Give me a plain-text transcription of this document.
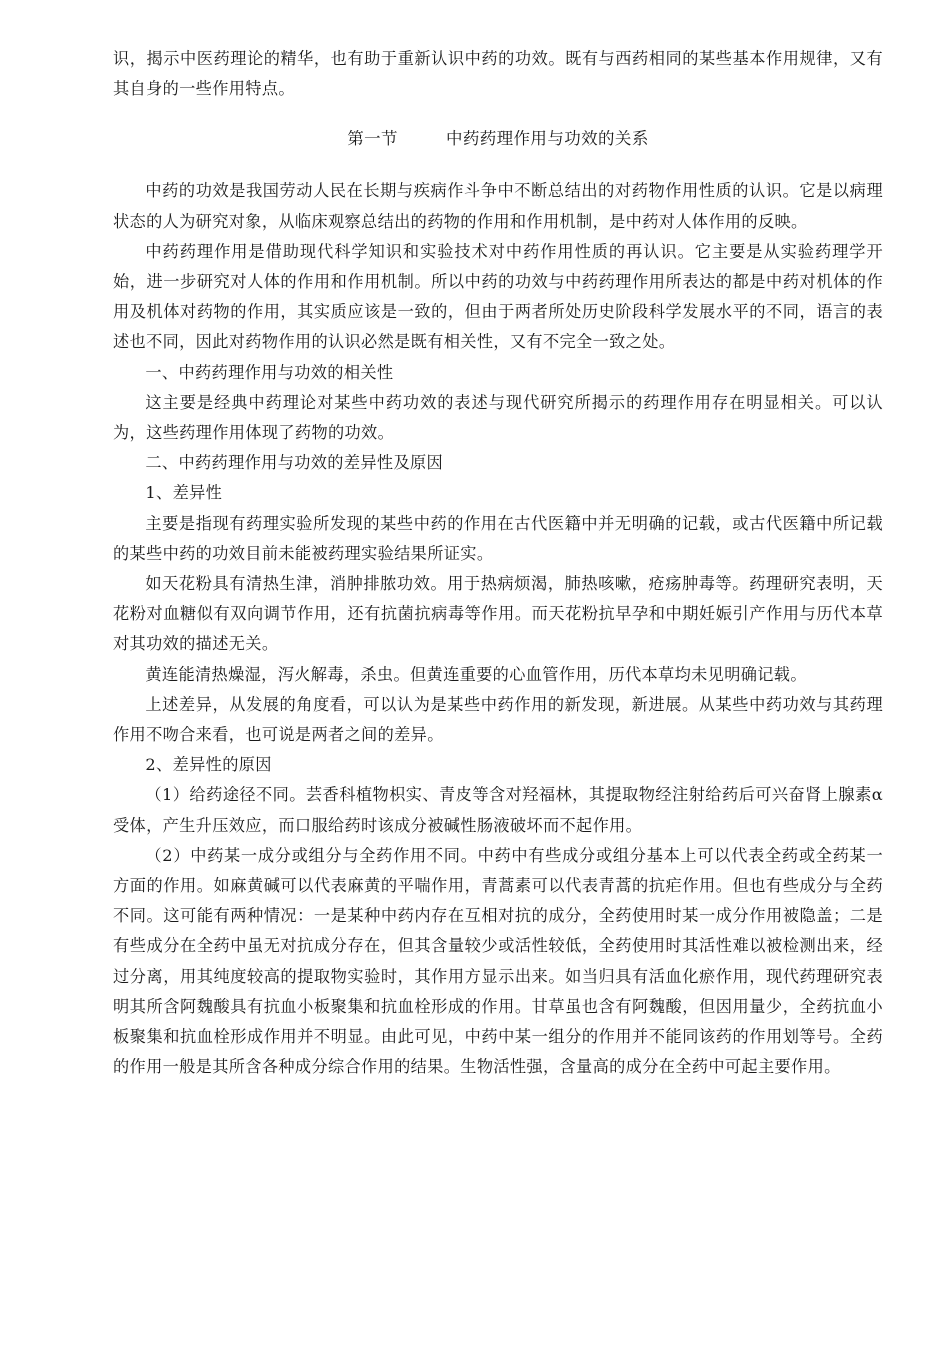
识，揭示中医药理论的精华，也有助于重新认识中药的功效。既有与西药相同的某些基本作用规律，又有其自身的一些作用特点。

第一节	中药药理作用与功效的关系

中药的功效是我国劳动人民在长期与疾病作斗争中不断总结出的对药物作用性质的认识。它是以病理状态的人为研究对象，从临床观察总结出的药物的作用和作用机制，是中药对人体作用的反映。

中药药理作用是借助现代科学知识和实验技术对中药作用性质的再认识。它主要是从实验药理学开始，进一步研究对人体的作用和作用机制。所以中药的功效与中药药理作用所表达的都是中药对机体的作用及机体对药物的作用，其实质应该是一致的，但由于两者所处历史阶段科学发展水平的不同，语言的表述也不同，因此对药物作用的认识必然是既有相关性，又有不完全一致之处。

一、中药药理作用与功效的相关性

这主要是经典中药理论对某些中药功效的表述与现代研究所揭示的药理作用存在明显相关。可以认为，这些药理作用体现了药物的功效。

二、中药药理作用与功效的差异性及原因

1、差异性

主要是指现有药理实验所发现的某些中药的作用在古代医籍中并无明确的记载，或古代医籍中所记载的某些中药的功效目前未能被药理实验结果所证实。

如天花粉具有清热生津，消肿排脓功效。用于热病烦渴，肺热咳嗽，疮疡肿毒等。药理研究表明，天花粉对血糖似有双向调节作用，还有抗菌抗病毒等作用。而天花粉抗早孕和中期妊娠引产作用与历代本草对其功效的描述无关。

黄连能清热燥湿，泻火解毒，杀虫。但黄连重要的心血管作用，历代本草均未见明确记载。

上述差异，从发展的角度看，可以认为是某些中药作用的新发现，新进展。从某些中药功效与其药理作用不吻合来看，也可说是两者之间的差异。

2、差异性的原因

（1）给药途径不同。芸香科植物枳实、青皮等含对羟福林，其提取物经注射给药后可兴奋肾上腺素α受体，产生升压效应，而口服给药时该成分被碱性肠液破坏而不起作用。

（2）中药某一成分或组分与全药作用不同。中药中有些成分或组分基本上可以代表全药或全药某一方面的作用。如麻黄碱可以代表麻黄的平喘作用，青蒿素可以代表青蒿的抗疟作用。但也有些成分与全药不同。这可能有两种情况：一是某种中药内存在互相对抗的成分，全药使用时某一成分作用被隐盖；二是有些成分在全药中虽无对抗成分存在，但其含量较少或活性较低，全药使用时其活性难以被检测出来，经过分离，用其纯度较高的提取物实验时，其作用方显示出来。如当归具有活血化瘀作用，现代药理研究表明其所含阿魏酸具有抗血小板聚集和抗血栓形成的作用。甘草虽也含有阿魏酸，但因用量少，全药抗血小板聚集和抗血栓形成作用并不明显。由此可见，中药中某一组分的作用并不能同该药的作用划等号。全药的作用一般是其所含各种成分综合作用的结果。生物活性强，含量高的成分在全药中可起主要作用。
